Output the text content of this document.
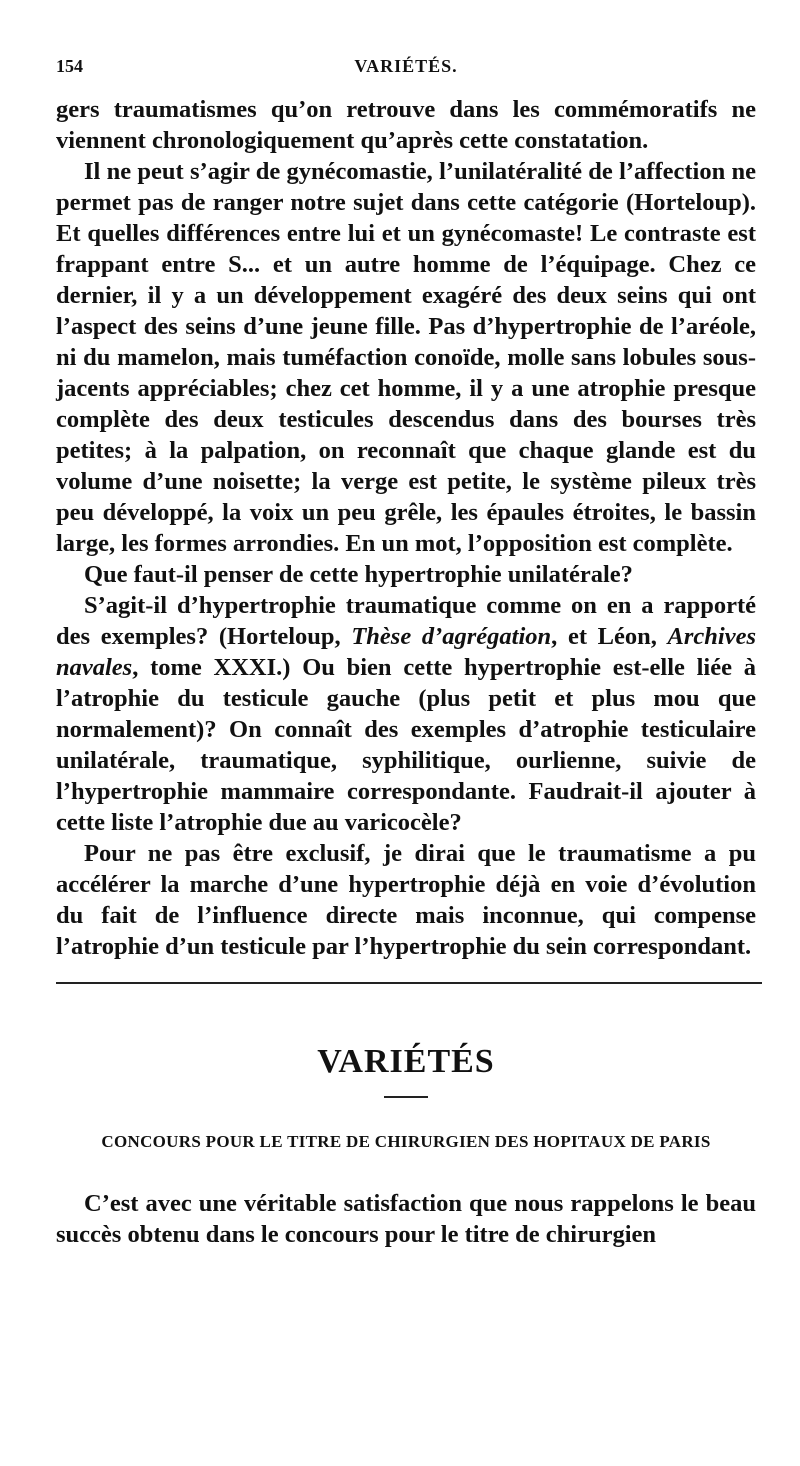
154	VARIÉTÉS.

gers traumatismes qu’on retrouve dans les commémoratifs ne viennent chronologiquement qu’après cette constatation.

Il ne peut s’agir de gynécomastie, l’unilatéralité de l’affection ne permet pas de ranger notre sujet dans cette catégorie (Horteloup). Et quelles différences entre lui et un gynécomaste! Le contraste est frappant entre S... et un autre homme de l’équipage. Chez ce dernier, il y a un développement exagéré des deux seins qui ont l’aspect des seins d’une jeune fille. Pas d’hypertrophie de l’aréole, ni du mamelon, mais tuméfaction conoïde, molle sans lobules sous-jacents appréciables; chez cet homme, il y a une atrophie presque complète des deux testicules descendus dans des bourses très petites; à la palpation, on reconnaît que chaque glande est du volume d’une noisette; la verge est petite, le système pileux très peu développé, la voix un peu grêle, les épaules étroites, le bassin large, les formes arrondies. En un mot, l’opposition est complète.

Que faut-il penser de cette hypertrophie unilatérale?

S’agit-il d’hypertrophie traumatique comme on en a rapporté des exemples? (Horteloup, Thèse d’agrégation, et Léon, Archives navales, tome XXXI.) Ou bien cette hypertrophie est-elle liée à l’atrophie du testicule gauche (plus petit et plus mou que normalement)? On connaît des exemples d’atrophie testiculaire unilatérale, traumatique, syphilitique, ourlienne, suivie de l’hypertrophie mammaire correspondante. Faudrait-il ajouter à cette liste l’atrophie due au varicocèle?

Pour ne pas être exclusif, je dirai que le traumatisme a pu accélérer la marche d’une hypertrophie déjà en voie d’évolution du fait de l’influence directe mais inconnue, qui compense l’atrophie d’un testicule par l’hypertrophie du sein correspondant.

VARIÉTÉS
CONCOURS POUR LE TITRE DE CHIRURGIEN DES HOPITAUX DE PARIS

C’est avec une véritable satisfaction que nous rappelons le beau succès obtenu dans le concours pour le titre de chirurgien
